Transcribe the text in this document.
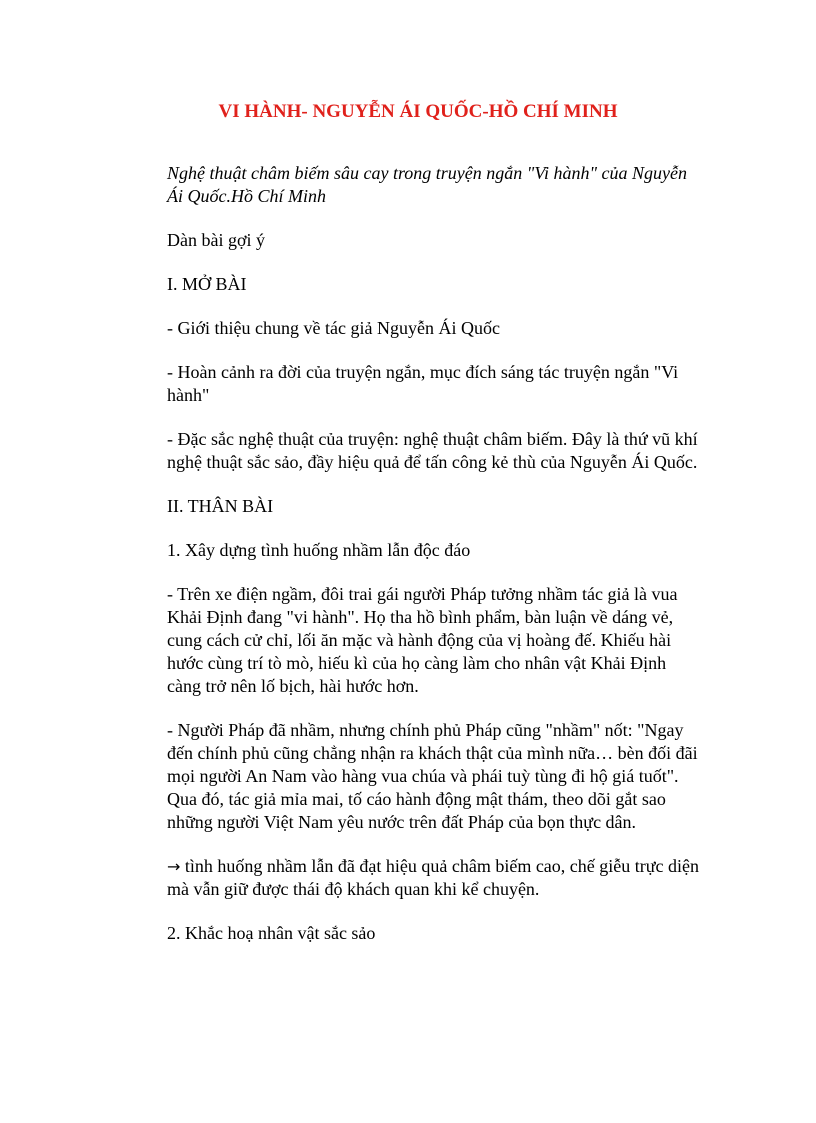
VI HÀNH- NGUYỄN ÁI QUỐC-HỒ CHÍ MINH
Nghệ thuật châm biếm sâu cay trong truyện ngắn "Vi hành" của Nguyễn Ái Quốc.Hồ Chí Minh
Dàn bài gợi ý
I. MỞ BÀI
- Giới thiệu chung về tác giả Nguyễn Ái Quốc
- Hoàn cảnh ra đời của truyện ngắn, mục đích sáng tác truyện ngắn "Vi hành"
- Đặc sắc nghệ thuật của truyện: nghệ thuật châm biếm. Đây là thứ vũ khí nghệ thuật sắc sảo, đầy hiệu quả để tấn công kẻ thù của Nguyễn Ái Quốc.
II. THÂN BÀI
1. Xây dựng tình huống nhầm lẫn độc đáo
- Trên xe điện ngầm, đôi trai gái người Pháp tưởng nhầm tác giả là vua Khải Định đang "vi hành". Họ tha hồ bình phẩm, bàn luận về dáng vẻ, cung cách cử chỉ, lối ăn mặc và hành động của vị hoàng đế. Khiếu hài hước cùng trí tò mò, hiếu kì của họ càng làm cho nhân vật Khải Định càng trở nên lố bịch, hài hước hơn.
- Người Pháp đã nhầm, nhưng chính phủ Pháp cũng "nhầm" nốt: "Ngay đến chính phủ cũng chẳng nhận ra khách thật của mình nữa… bèn đối đãi mọi người An Nam vào hàng vua chúa và phái tuỳ tùng đi hộ giá tuốt". Qua đó, tác giả mỉa mai, tố cáo hành động mật thám, theo dõi gắt sao những người Việt Nam yêu nước trên đất Pháp của bọn thực dân.
→ tình huống nhầm lẫn đã đạt hiệu quả châm biếm cao, chế giễu trực diện mà vẫn giữ được thái độ khách quan khi kể chuyện.
2. Khắc hoạ nhân vật sắc sảo
